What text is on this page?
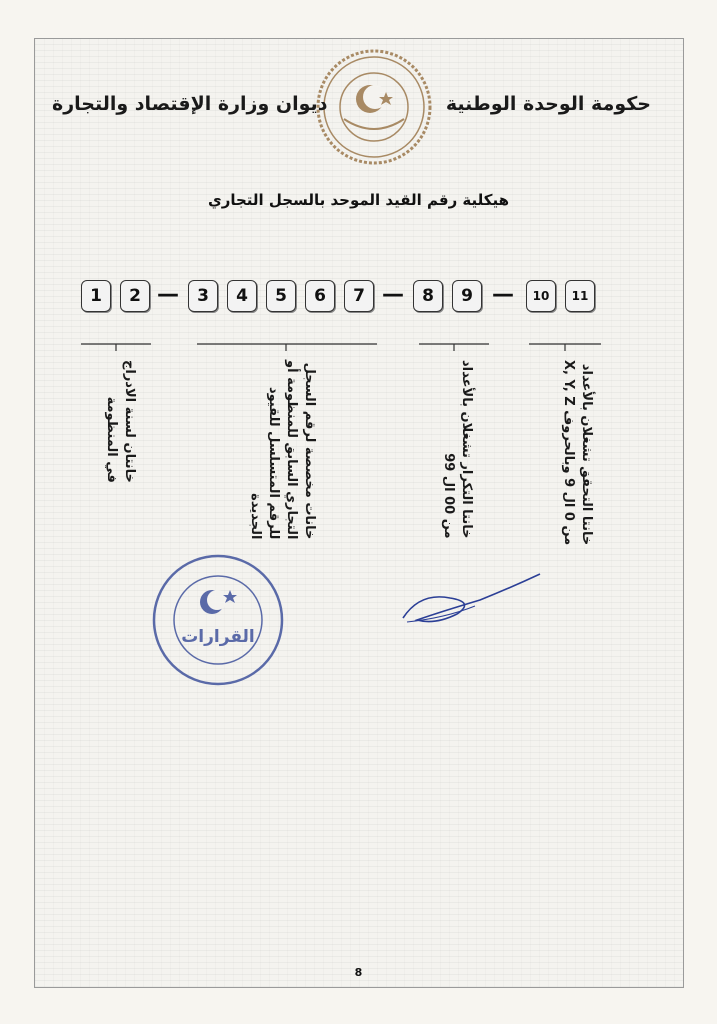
حكومة الوحدة الوطنية
ديوان وزارة الإقتصاد والتجارة
هيكلية رقم القيد الموحد بالسجل التجاري
1	2 —	3	4	5	6	7 —	8	9 —	10	11
خانتان لسنة الادراج
في المنظومة
خانات مخصصة لرقم السجل
التجاري السابق للمنظومة أو
للرقم المتسلسل للقيود
الجديدة	خانتا التكرار تشغلان بالأعداد
من 00 ال 99
خانتا التحقق تشغلان بالأعداد
من 0 ال 9 وبالحروف X, Y, Z
القرارات
8
